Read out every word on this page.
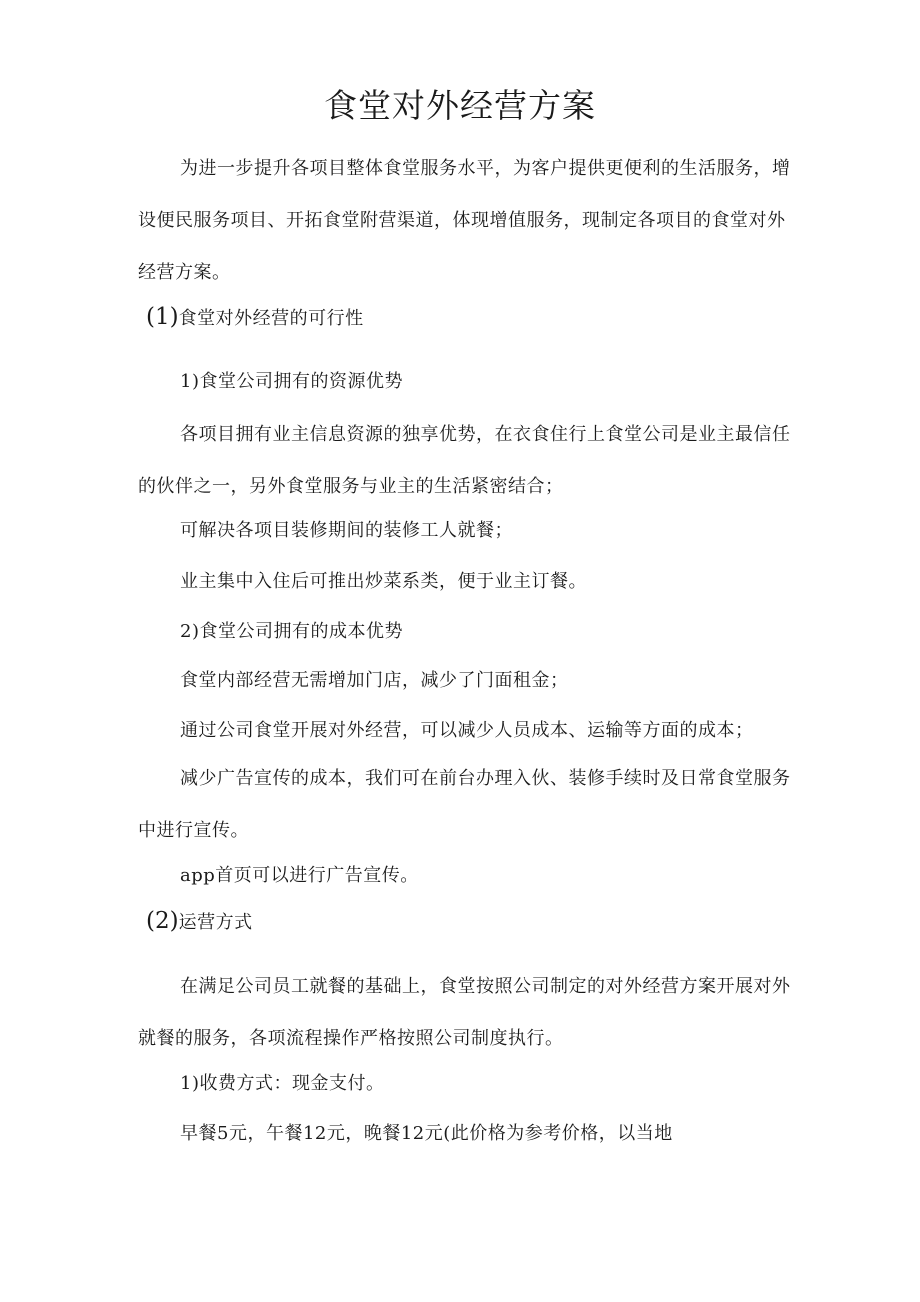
食堂对外经营方案

为进一步提升各项目整体食堂服务水平，为客户提供更便利的生活服务，增设便民服务项目、开拓食堂附营渠道，体现增值服务，现制定各项目的食堂对外经营方案。

(1)食堂对外经营的可行性

1)食堂公司拥有的资源优势

各项目拥有业主信息资源的独享优势，在衣食住行上食堂公司是业主最信任的伙伴之一，另外食堂服务与业主的生活紧密结合；

可解决各项目装修期间的装修工人就餐；

业主集中入住后可推出炒菜系类，便于业主订餐。

2)食堂公司拥有的成本优势

食堂内部经营无需增加门店，减少了门面租金；

通过公司食堂开展对外经营，可以减少人员成本、运输等方面的成本；

减少广告宣传的成本，我们可在前台办理入伙、装修手续时及日常食堂服务中进行宣传。

app首页可以进行广告宣传。

(2)运营方式

在满足公司员工就餐的基础上，食堂按照公司制定的对外经营方案开展对外就餐的服务，各项流程操作严格按照公司制度执行。

1)收费方式：现金支付。

早餐5元，午餐12元，晚餐12元(此价格为参考价格，以当地
